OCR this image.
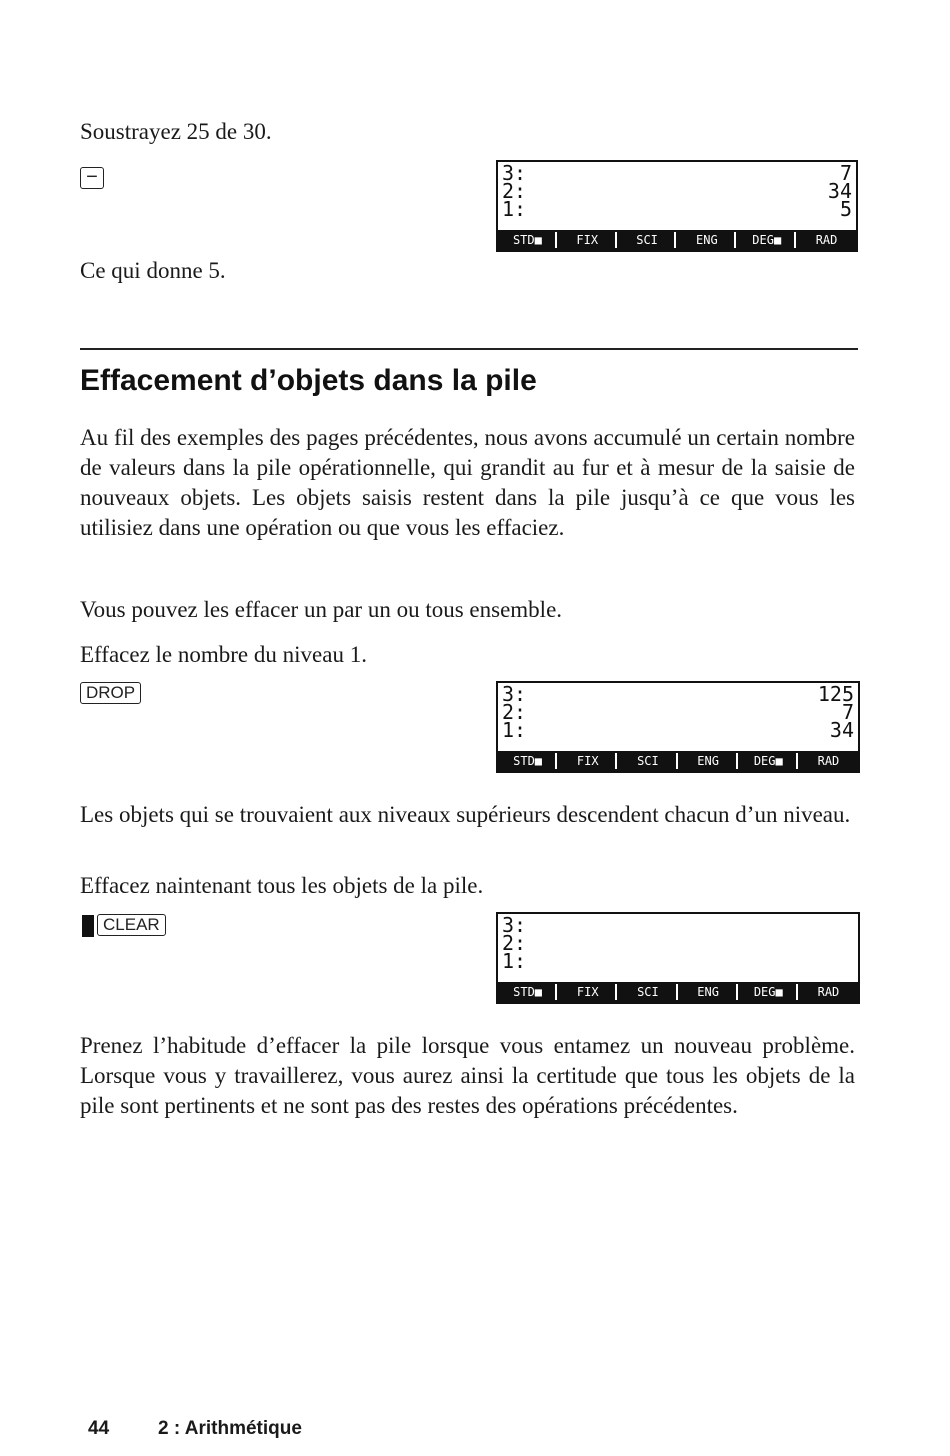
Soustrayez 25 de 30.
−
Ce qui donne 5.
3:	7
2:	34
1:	5
STD■	FIX	SCI	ENG	DEG■	RAD
Effacement d’objets dans la pile
Au fil des exemples des pages précédentes, nous avons accumulé un certain nombre de valeurs dans la pile opérationnelle, qui grandit au fur et à mesur de la saisie de nouveaux objets. Les objets saisis restent dans la pile jusqu’à ce que vous les utilisiez dans une opération ou que vous les effaciez.
Vous pouvez les effacer un par un ou tous ensemble.
Effacez le nombre du niveau 1.
DROP	3:	125
2:	7
1:	34
STD■	FIX	SCI	ENG	DEG■	RAD
Les objets qui se trouvaient aux niveaux supérieurs descendent chacun d’un niveau.
Effacez naintenant tous les objets de la pile.
CLEAR	3:
2:
1:
STD■	FIX	SCI	ENG	DEG■	RAD
Prenez l’habitude d’effacer la pile lorsque vous entamez un nouveau problème. Lorsque vous y travaillerez, vous aurez ainsi la certitude que tous les objets de la pile sont pertinents et ne sont pas des restes des opérations précédentes.
44	2 : Arithmétique
